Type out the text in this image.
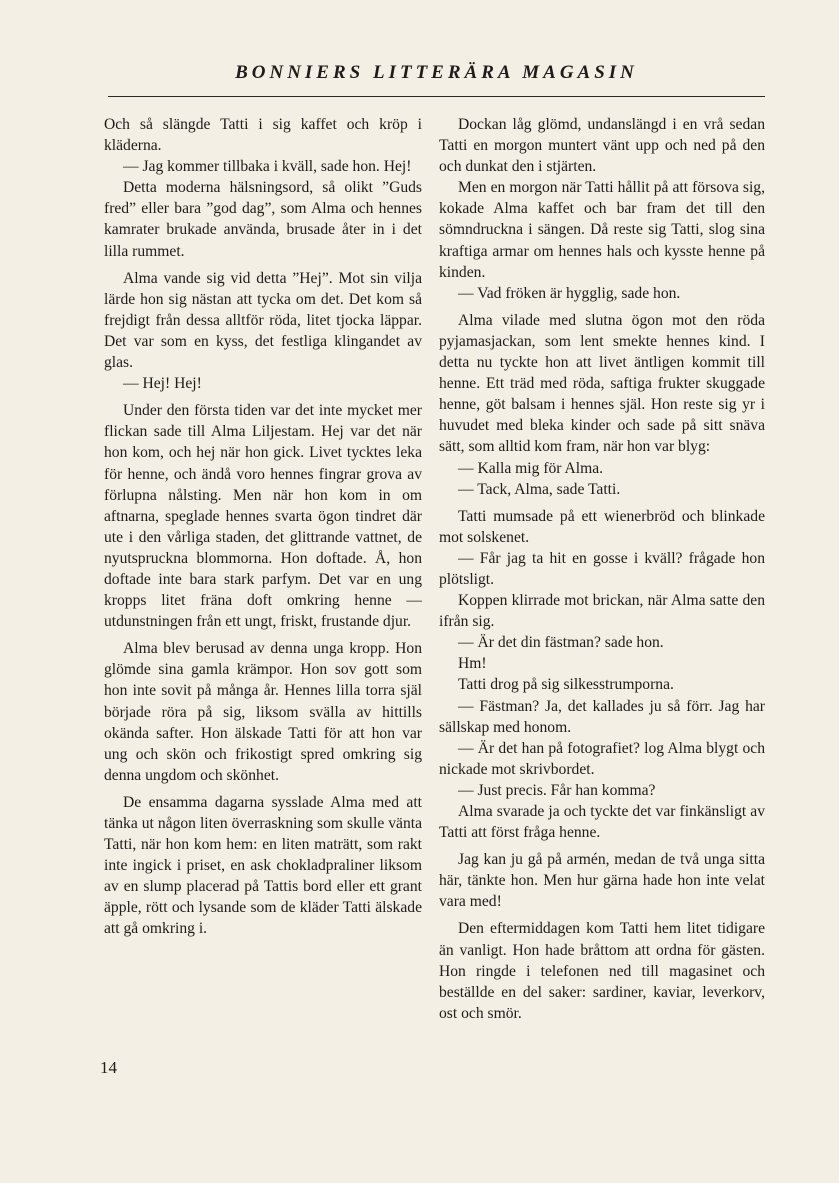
BONNIERS LITTERÄRA MAGASIN

Och så slängde Tatti i sig kaffet och kröp i kläderna.

— Jag kommer tillbaka i kväll, sade hon. Hej!

Detta moderna hälsningsord, så olikt ”Guds fred” eller bara ”god dag”, som Alma och hennes kamrater brukade använda, brusade åter in i det lilla rummet.

Alma vande sig vid detta ”Hej”. Mot sin vilja lärde hon sig nästan att tycka om det. Det kom så frejdigt från dessa alltför röda, litet tjocka läppar. Det var som en kyss, det festliga klingandet av glas.

— Hej! Hej!

Under den första tiden var det inte mycket mer flickan sade till Alma Liljestam. Hej var det när hon kom, och hej när hon gick. Livet tycktes leka för henne, och ändå voro hennes fingrar grova av förlupna nålsting. Men när hon kom in om aftnarna, speglade hennes svarta ögon tindret där ute i den vårliga staden, det glittrande vattnet, de nyutspruckna blommorna. Hon doftade. Å, hon doftade inte bara stark parfym. Det var en ung kropps litet fräna doft omkring henne — utdunstningen från ett ungt, friskt, frustande djur.

Alma blev berusad av denna unga kropp. Hon glömde sina gamla krämpor. Hon sov gott som hon inte sovit på många år. Hennes lilla torra själ började röra på sig, liksom svälla av hittills okända safter. Hon älskade Tatti för att hon var ung och skön och frikostigt spred omkring sig denna ungdom och skönhet.

De ensamma dagarna sysslade Alma med att tänka ut någon liten överraskning som skulle vänta Tatti, när hon kom hem: en liten maträtt, som rakt inte ingick i priset, en ask chokladpraliner liksom av en slump placerad på Tattis bord eller ett grant äpple, rött och lysande som de kläder Tatti älskade att gå omkring i.

Dockan låg glömd, undanslängd i en vrå sedan Tatti en morgon muntert vänt upp och ned på den och dunkat den i stjärten.

Men en morgon när Tatti hållit på att försova sig, kokade Alma kaffet och bar fram det till den sömndruckna i sängen. Då reste sig Tatti, slog sina kraftiga armar om hennes hals och kysste henne på kinden.

— Vad fröken är hygglig, sade hon.

Alma vilade med slutna ögon mot den röda pyjamasjackan, som lent smekte hennes kind. I detta nu tyckte hon att livet äntligen kommit till henne. Ett träd med röda, saftiga frukter skuggade henne, göt balsam i hennes själ. Hon reste sig yr i huvudet med bleka kinder och sade på sitt snäva sätt, som alltid kom fram, när hon var blyg:

— Kalla mig för Alma.

— Tack, Alma, sade Tatti.

Tatti mumsade på ett wienerbröd och blinkade mot solskenet.

— Får jag ta hit en gosse i kväll? frågade hon plötsligt.

Koppen klirrade mot brickan, när Alma satte den ifrån sig.

— Är det din fästman? sade hon.

Hm!

Tatti drog på sig silkesstrumporna.

— Fästman? Ja, det kallades ju så förr. Jag har sällskap med honom.

— Är det han på fotografiet? log Alma blygt och nickade mot skrivbordet.

— Just precis. Får han komma?

Alma svarade ja och tyckte det var finkänsligt av Tatti att först fråga henne.

Jag kan ju gå på armén, medan de två unga sitta här, tänkte hon. Men hur gärna hade hon inte velat vara med!

Den eftermiddagen kom Tatti hem litet tidigare än vanligt. Hon hade bråttom att ordna för gästen. Hon ringde i telefonen ned till magasinet och beställde en del saker: sardiner, kaviar, leverkorv, ost och smör.

14
